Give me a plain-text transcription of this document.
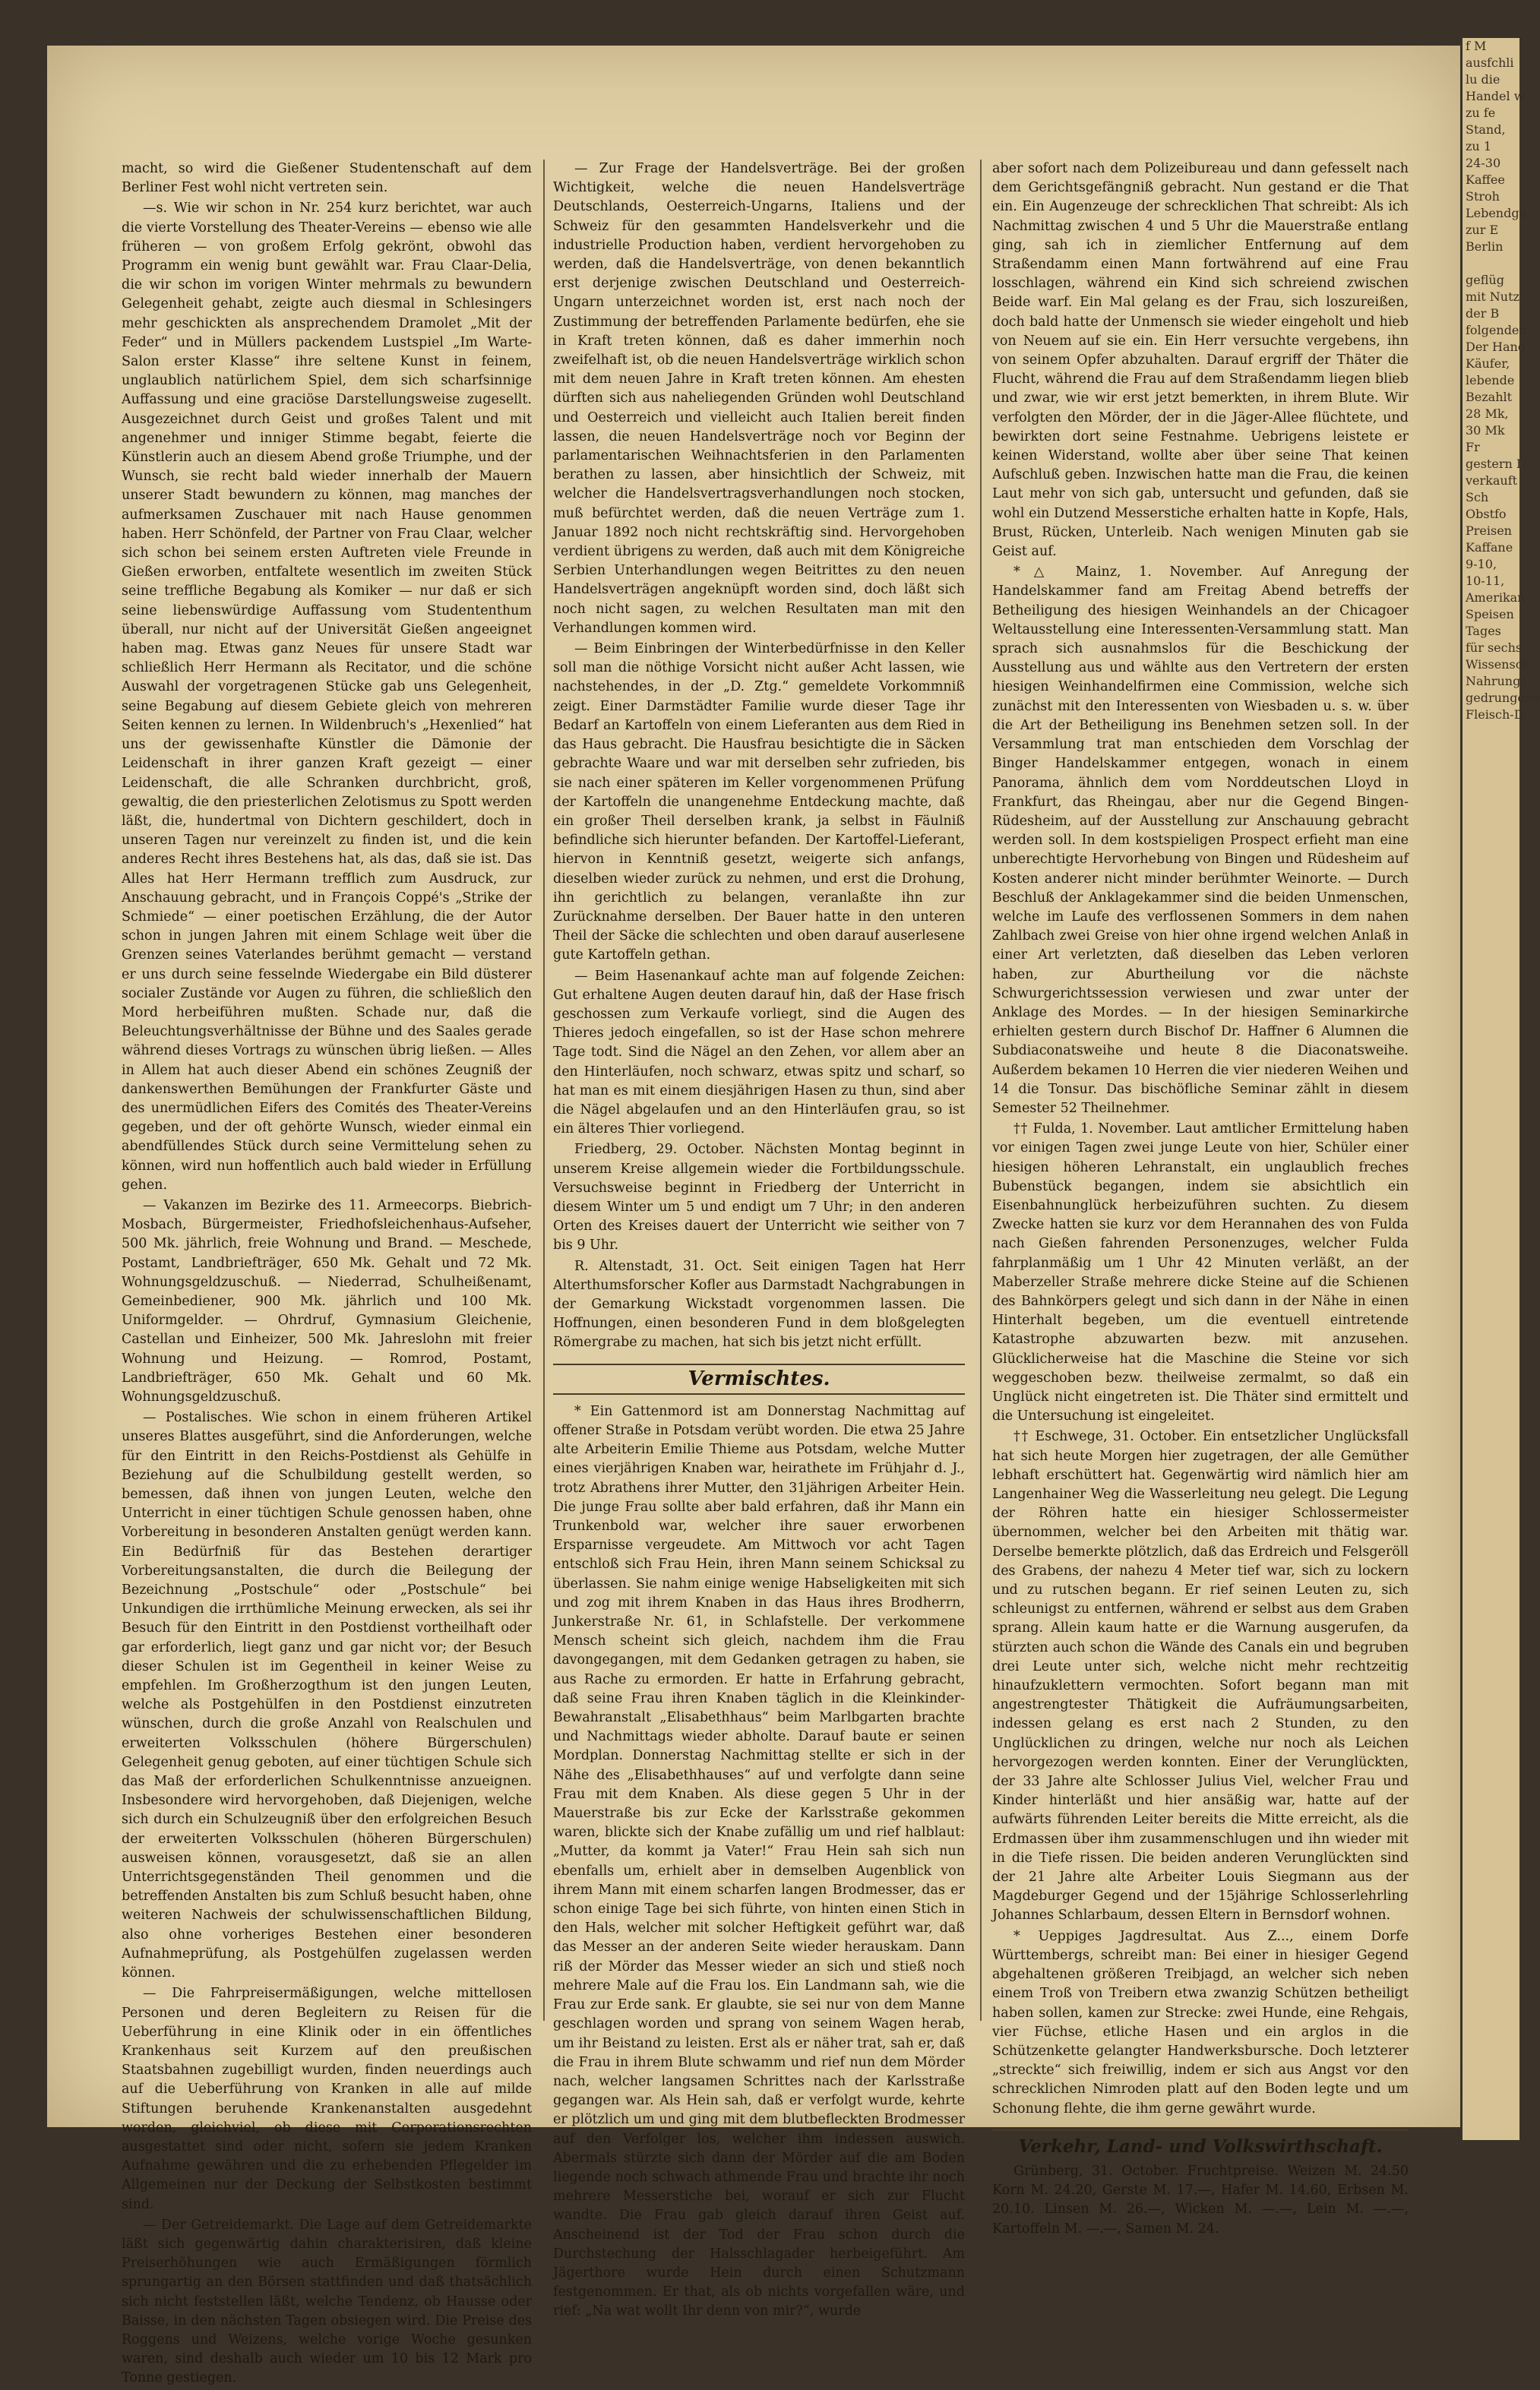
f M
ausfchli
lu die
Handel w
zu fe
Stand,
zu 1
24-30
Kaffee
Stroh
Lebendge
zur E
Berlin

geflüg
mit Nutz
der B
folgenden
Der Hand
Käufer,
lebende
Bezahlt
28 Mk,
30 Mk
Fr
gestern L
verkauft
Sch
Obstfo
Preisen
Kaffane
9-10,
10-11,
Amerikan
Speisen
Tages
für sechs
Wissensch
Nahrungs
gedrungene
Fleisch-D

macht, so wird die Gießener Studentenschaft auf dem Berliner Fest wohl nicht vertreten sein.

—s. Wie wir schon in Nr. 254 kurz berichtet, war auch die vierte Vorstellung des Theater-Vereins — ebenso wie alle früheren — von großem Erfolg gekrönt, obwohl das Programm ein wenig bunt gewählt war. Frau Claar-Delia, die wir schon im vorigen Winter mehrmals zu bewundern Gelegenheit gehabt, zeigte auch diesmal in Schlesingers mehr geschickten als ansprechendem Dramolet „Mit der Feder“ und in Müllers packendem Lustspiel „Im Warte-Salon erster Klasse“ ihre seltene Kunst in feinem, unglaublich natürlichem Spiel, dem sich scharfsinnige Auffassung und eine graciöse Darstellungsweise zugesellt. Ausgezeichnet durch Geist und großes Talent und mit angenehmer und inniger Stimme begabt, feierte die Künstlerin auch an diesem Abend große Triumphe, und der Wunsch, sie recht bald wieder innerhalb der Mauern unserer Stadt bewundern zu können, mag manches der aufmerksamen Zuschauer mit nach Hause genommen haben. Herr Schönfeld, der Partner von Frau Claar, welcher sich schon bei seinem ersten Auftreten viele Freunde in Gießen erworben, entfaltete wesentlich im zweiten Stück seine treffliche Begabung als Komiker — nur daß er sich seine liebenswürdige Auffassung vom Studententhum überall, nur nicht auf der Universität Gießen angeeignet haben mag. Etwas ganz Neues für unsere Stadt war schließlich Herr Hermann als Recitator, und die schöne Auswahl der vorgetragenen Stücke gab uns Gelegenheit, seine Begabung auf diesem Gebiete gleich von mehreren Seiten kennen zu lernen. In Wildenbruch's „Hexenlied“ hat uns der gewissenhafte Künstler die Dämonie der Leidenschaft in ihrer ganzen Kraft gezeigt — einer Leidenschaft, die alle Schranken durchbricht, groß, gewaltig, die den priesterlichen Zelotismus zu Spott werden läßt, die, hundertmal von Dichtern geschildert, doch in unseren Tagen nur vereinzelt zu finden ist, und die kein anderes Recht ihres Bestehens hat, als das, daß sie ist. Das Alles hat Herr Hermann trefflich zum Ausdruck, zur Anschauung gebracht, und in François Coppé's „Strike der Schmiede“ — einer poetischen Erzählung, die der Autor schon in jungen Jahren mit einem Schlage weit über die Grenzen seines Vaterlandes berühmt gemacht — verstand er uns durch seine fesselnde Wiedergabe ein Bild düsterer socialer Zustände vor Augen zu führen, die schließlich den Mord herbeiführen mußten. Schade nur, daß die Beleuchtungsverhältnisse der Bühne und des Saales gerade während dieses Vortrags zu wünschen übrig ließen. — Alles in Allem hat auch dieser Abend ein schönes Zeugniß der dankenswerthen Bemühungen der Frankfurter Gäste und des unermüdlichen Eifers des Comités des Theater-Vereins gegeben, und der oft gehörte Wunsch, wieder einmal ein abendfüllendes Stück durch seine Vermittelung sehen zu können, wird nun hoffentlich auch bald wieder in Erfüllung gehen.

— Vakanzen im Bezirke des 11. Armeecorps. Biebrich-Mosbach, Bürgermeister, Friedhofsleichenhaus-Aufseher, 500 Mk. jährlich, freie Wohnung und Brand. — Meschede, Postamt, Landbriefträger, 650 Mk. Gehalt und 72 Mk. Wohnungsgeldzuschuß. — Niederrad, Schulheißenamt, Gemeinbediener, 900 Mk. jährlich und 100 Mk. Uniformgelder. — Ohrdruf, Gymnasium Gleichenie, Castellan und Einheizer, 500 Mk. Jahreslohn mit freier Wohnung und Heizung. — Romrod, Postamt, Landbriefträger, 650 Mk. Gehalt und 60 Mk. Wohnungsgeldzuschuß.

— Postalisches. Wie schon in einem früheren Artikel unseres Blattes ausgeführt, sind die Anforderungen, welche für den Eintritt in den Reichs-Postdienst als Gehülfe in Beziehung auf die Schulbildung gestellt werden, so bemessen, daß ihnen von jungen Leuten, welche den Unterricht in einer tüchtigen Schule genossen haben, ohne Vorbereitung in besonderen Anstalten genügt werden kann. Ein Bedürfniß für das Bestehen derartiger Vorbereitungsanstalten, die durch die Beilegung der Bezeichnung „Postschule“ oder „Postschule“ bei Unkundigen die irrthümliche Meinung erwecken, als sei ihr Besuch für den Eintritt in den Postdienst vortheilhaft oder gar erforderlich, liegt ganz und gar nicht vor; der Besuch dieser Schulen ist im Gegentheil in keiner Weise zu empfehlen. Im Großherzogthum ist den jungen Leuten, welche als Postgehülfen in den Postdienst einzutreten wünschen, durch die große Anzahl von Realschulen und erweiterten Volksschulen (höhere Bürgerschulen) Gelegenheit genug geboten, auf einer tüchtigen Schule sich das Maß der erforderlichen Schulkenntnisse anzueignen. Insbesondere wird hervorgehoben, daß Diejenigen, welche sich durch ein Schulzeugniß über den erfolgreichen Besuch der erweiterten Volksschulen (höheren Bürgerschulen) ausweisen können, vorausgesetzt, daß sie an allen Unterrichtsgegenständen Theil genommen und die betreffenden Anstalten bis zum Schluß besucht haben, ohne weiteren Nachweis der schulwissenschaftlichen Bildung, also ohne vorheriges Bestehen einer besonderen Aufnahmeprüfung, als Postgehülfen zugelassen werden können.

— Die Fahrpreisermäßigungen, welche mittellosen Personen und deren Begleitern zu Reisen für die Ueberführung in eine Klinik oder in ein öffentliches Krankenhaus seit Kurzem auf den preußischen Staatsbahnen zugebilligt wurden, finden neuerdings auch auf die Ueberführung von Kranken in alle auf milde Stiftungen beruhende Krankenanstalten ausgedehnt worden, gleichviel, ob diese mit Corporationsrechten ausgestattet sind oder nicht, sofern sie jedem Kranken Aufnahme gewähren und die zu erhebenden Pflegelder im Allgemeinen nur der Deckung der Selbstkosten bestimmt sind.

— Der Getreidemarkt. Die Lage auf dem Getreidemarkte läßt sich gegenwärtig dahin charakterisiren, daß kleine Preiserhöhungen wie auch Ermäßigungen förmlich sprungartig an den Börsen stattfinden und daß thatsächlich sich nicht feststellen läßt, welche Tendenz, ob Hausse oder Baisse, in den nächsten Tagen obsiegen wird. Die Preise des Roggens und Weizens, welche vorige Woche gesunken waren, sind deshalb auch wieder um 10 bis 12 Mark pro Tonne gestiegen.

— Zur Frage der Handelsverträge. Bei der großen Wichtigkeit, welche die neuen Handelsverträge Deutschlands, Oesterreich-Ungarns, Italiens und der Schweiz für den gesammten Handelsverkehr und die industrielle Production haben, verdient hervorgehoben zu werden, daß die Handelsverträge, von denen bekanntlich erst derjenige zwischen Deutschland und Oesterreich-Ungarn unterzeichnet worden ist, erst nach noch der Zustimmung der betreffenden Parlamente bedürfen, ehe sie in Kraft treten können, daß es daher immerhin noch zweifelhaft ist, ob die neuen Handelsverträge wirklich schon mit dem neuen Jahre in Kraft treten können. Am ehesten dürften sich aus naheliegenden Gründen wohl Deutschland und Oesterreich und vielleicht auch Italien bereit finden lassen, die neuen Handelsverträge noch vor Beginn der parlamentarischen Weihnachtsferien in den Parlamenten berathen zu lassen, aber hinsichtlich der Schweiz, mit welcher die Handelsvertragsverhandlungen noch stocken, muß befürchtet werden, daß die neuen Verträge zum 1. Januar 1892 noch nicht rechtskräftig sind. Hervorgehoben verdient übrigens zu werden, daß auch mit dem Königreiche Serbien Unterhandlungen wegen Beitrittes zu den neuen Handelsverträgen angeknüpft worden sind, doch läßt sich noch nicht sagen, zu welchen Resultaten man mit den Verhandlungen kommen wird.

— Beim Einbringen der Winterbedürfnisse in den Keller soll man die nöthige Vorsicht nicht außer Acht lassen, wie nachstehendes, in der „D. Ztg.“ gemeldete Vorkommniß zeigt. Einer Darmstädter Familie wurde dieser Tage ihr Bedarf an Kartoffeln von einem Lieferanten aus dem Ried in das Haus gebracht. Die Hausfrau besichtigte die in Säcken gebrachte Waare und war mit derselben sehr zufrieden, bis sie nach einer späteren im Keller vorgenommenen Prüfung der Kartoffeln die unangenehme Entdeckung machte, daß ein großer Theil derselben krank, ja selbst in Fäulniß befindliche sich hierunter befanden. Der Kartoffel-Lieferant, hiervon in Kenntniß gesetzt, weigerte sich anfangs, dieselben wieder zurück zu nehmen, und erst die Drohung, ihn gerichtlich zu belangen, veranlaßte ihn zur Zurücknahme derselben. Der Bauer hatte in den unteren Theil der Säcke die schlechten und oben darauf auserlesene gute Kartoffeln gethan.

— Beim Hasenankauf achte man auf folgende Zeichen: Gut erhaltene Augen deuten darauf hin, daß der Hase frisch geschossen zum Verkaufe vorliegt, sind die Augen des Thieres jedoch eingefallen, so ist der Hase schon mehrere Tage todt. Sind die Nägel an den Zehen, vor allem aber an den Hinterläufen, noch schwarz, etwas spitz und scharf, so hat man es mit einem diesjährigen Hasen zu thun, sind aber die Nägel abgelaufen und an den Hinterläufen grau, so ist ein älteres Thier vorliegend.

Friedberg, 29. October. Nächsten Montag beginnt in unserem Kreise allgemein wieder die Fortbildungsschule. Versuchsweise beginnt in Friedberg der Unterricht in diesem Winter um 5 und endigt um 7 Uhr; in den anderen Orten des Kreises dauert der Unterricht wie seither von 7 bis 9 Uhr.

R. Altenstadt, 31. Oct. Seit einigen Tagen hat Herr Alterthumsforscher Kofler aus Darmstadt Nachgrabungen in der Gemarkung Wickstadt vorgenommen lassen. Die Hoffnungen, einen besonderen Fund in dem bloßgelegten Römergrabe zu machen, hat sich bis jetzt nicht erfüllt.

Vermischtes.

* Ein Gattenmord ist am Donnerstag Nachmittag auf offener Straße in Potsdam verübt worden. Die etwa 25 Jahre alte Arbeiterin Emilie Thieme aus Potsdam, welche Mutter eines vierjährigen Knaben war, heirathete im Frühjahr d. J., trotz Abrathens ihrer Mutter, den 31jährigen Arbeiter Hein. Die junge Frau sollte aber bald erfahren, daß ihr Mann ein Trunkenbold war, welcher ihre sauer erworbenen Ersparnisse vergeudete. Am Mittwoch vor acht Tagen entschloß sich Frau Hein, ihren Mann seinem Schicksal zu überlassen. Sie nahm einige wenige Habseligkeiten mit sich und zog mit ihrem Knaben in das Haus ihres Brodherrn, Junkerstraße Nr. 61, in Schlafstelle. Der verkommene Mensch scheint sich gleich, nachdem ihm die Frau davongegangen, mit dem Gedanken getragen zu haben, sie aus Rache zu ermorden. Er hatte in Erfahrung gebracht, daß seine Frau ihren Knaben täglich in die Kleinkinder-Bewahranstalt „Elisabethhaus“ beim Marlbgarten brachte und Nachmittags wieder abholte. Darauf baute er seinen Mordplan. Donnerstag Nachmittag stellte er sich in der Nähe des „Elisabethhauses“ auf und verfolgte dann seine Frau mit dem Knaben. Als diese gegen 5 Uhr in der Mauerstraße bis zur Ecke der Karlsstraße gekommen waren, blickte sich der Knabe zufällig um und rief halblaut: „Mutter, da kommt ja Vater!“ Frau Hein sah sich nun ebenfalls um, erhielt aber in demselben Augenblick von ihrem Mann mit einem scharfen langen Brodmesser, das er schon einige Tage bei sich führte, von hinten einen Stich in den Hals, welcher mit solcher Heftigkeit geführt war, daß das Messer an der anderen Seite wieder herauskam. Dann riß der Mörder das Messer wieder an sich und stieß noch mehrere Male auf die Frau los. Ein Landmann sah, wie die Frau zur Erde sank. Er glaubte, sie sei nur von dem Manne geschlagen worden und sprang von seinem Wagen herab, um ihr Beistand zu leisten. Erst als er näher trat, sah er, daß die Frau in ihrem Blute schwamm und rief nun dem Mörder nach, welcher langsamen Schrittes nach der Karlsstraße gegangen war. Als Hein sah, daß er verfolgt wurde, kehrte er plötzlich um und ging mit dem blutbefleckten Brodmesser auf den Verfolger los, welcher ihm indessen auswich. Abermals stürzte sich dann der Mörder auf die am Boden liegende noch schwach athmende Frau und brachte ihr noch mehrere Messerstiche bei, worauf er sich zur Flucht wandte. Die Frau gab gleich darauf ihren Geist auf. Anscheinend ist der Tod der Frau schon durch die Durchstechung der Halsschlagader herbeigeführt. Am Jägerthore wurde Hein durch einen Schutzmann festgenommen. Er that, als ob nichts vorgefallen wäre, und rief: „Na wat wollt Ihr denn von mir?“, wurde

aber sofort nach dem Polizeibureau und dann gefesselt nach dem Gerichtsgefängniß gebracht. Nun gestand er die That ein. Ein Augenzeuge der schrecklichen That schreibt: Als ich Nachmittag zwischen 4 und 5 Uhr die Mauerstraße entlang ging, sah ich in ziemlicher Entfernung auf dem Straßendamm einen Mann fortwährend auf eine Frau losschlagen, während ein Kind sich schreiend zwischen Beide warf. Ein Mal gelang es der Frau, sich loszureißen, doch bald hatte der Unmensch sie wieder eingeholt und hieb von Neuem auf sie ein. Ein Herr versuchte vergebens, ihn von seinem Opfer abzuhalten. Darauf ergriff der Thäter die Flucht, während die Frau auf dem Straßendamm liegen blieb und zwar, wie wir erst jetzt bemerkten, in ihrem Blute. Wir verfolgten den Mörder, der in die Jäger-Allee flüchtete, und bewirkten dort seine Festnahme. Uebrigens leistete er keinen Widerstand, wollte aber über seine That keinen Aufschluß geben. Inzwischen hatte man die Frau, die keinen Laut mehr von sich gab, untersucht und gefunden, daß sie wohl ein Dutzend Messerstiche erhalten hatte in Kopfe, Hals, Brust, Rücken, Unterleib. Nach wenigen Minuten gab sie Geist auf.

*△ Mainz, 1. November. Auf Anregung der Handelskammer fand am Freitag Abend betreffs der Betheiligung des hiesigen Weinhandels an der Chicagoer Weltausstellung eine Interessenten-Versammlung statt. Man sprach sich ausnahmslos für die Beschickung der Ausstellung aus und wählte aus den Vertretern der ersten hiesigen Weinhandelfirmen eine Commission, welche sich zunächst mit den Interessenten von Wiesbaden u. s. w. über die Art der Betheiligung ins Benehmen setzen soll. In der Versammlung trat man entschieden dem Vorschlag der Binger Handelskammer entgegen, wonach in einem Panorama, ähnlich dem vom Norddeutschen Lloyd in Frankfurt, das Rheingau, aber nur die Gegend Bingen-Rüdesheim, auf der Ausstellung zur Anschauung gebracht werden soll. In dem kostspieligen Prospect erfieht man eine unberechtigte Hervorhebung von Bingen und Rüdesheim auf Kosten anderer nicht minder berühmter Weinorte. — Durch Beschluß der Anklagekammer sind die beiden Unmenschen, welche im Laufe des verflossenen Sommers in dem nahen Zahlbach zwei Greise von hier ohne irgend welchen Anlaß in einer Art verletzten, daß dieselben das Leben verloren haben, zur Aburtheilung vor die nächste Schwurgerichtssession verwiesen und zwar unter der Anklage des Mordes. — In der hiesigen Seminarkirche erhielten gestern durch Bischof Dr. Haffner 6 Alumnen die Subdiaconatsweihe und heute 8 die Diaconatsweihe. Außerdem bekamen 10 Herren die vier niederen Weihen und 14 die Tonsur. Das bischöfliche Seminar zählt in diesem Semester 52 Theilnehmer.

†† Fulda, 1. November. Laut amtlicher Ermittelung haben vor einigen Tagen zwei junge Leute von hier, Schüler einer hiesigen höheren Lehranstalt, ein unglaublich freches Bubenstück begangen, indem sie absichtlich ein Eisenbahnunglück herbeizuführen suchten. Zu diesem Zwecke hatten sie kurz vor dem Herannahen des von Fulda nach Gießen fahrenden Personenzuges, welcher Fulda fahrplanmäßig um 1 Uhr 42 Minuten verläßt, an der Maberzeller Straße mehrere dicke Steine auf die Schienen des Bahnkörpers gelegt und sich dann in der Nähe in einen Hinterhalt begeben, um die eventuell eintretende Katastrophe abzuwarten bezw. mit anzusehen. Glücklicherweise hat die Maschine die Steine vor sich weggeschoben bezw. theilweise zermalmt, so daß ein Unglück nicht eingetreten ist. Die Thäter sind ermittelt und die Untersuchung ist eingeleitet.

†† Eschwege, 31. October. Ein entsetzlicher Unglücksfall hat sich heute Morgen hier zugetragen, der alle Gemüther lebhaft erschüttert hat. Gegenwärtig wird nämlich hier am Langenhainer Weg die Wasserleitung neu gelegt. Die Legung der Röhren hatte ein hiesiger Schlossermeister übernommen, welcher bei den Arbeiten mit thätig war. Derselbe bemerkte plötzlich, daß das Erdreich und Felsgeröll des Grabens, der nahezu 4 Meter tief war, sich zu lockern und zu rutschen begann. Er rief seinen Leuten zu, sich schleunigst zu entfernen, während er selbst aus dem Graben sprang. Allein kaum hatte er die Warnung ausgerufen, da stürzten auch schon die Wände des Canals ein und begruben drei Leute unter sich, welche nicht mehr rechtzeitig hinaufzuklettern vermochten. Sofort begann man mit angestrengtester Thätigkeit die Aufräumungsarbeiten, indessen gelang es erst nach 2 Stunden, zu den Unglücklichen zu dringen, welche nur noch als Leichen hervorgezogen werden konnten. Einer der Verunglückten, der 33 Jahre alte Schlosser Julius Viel, welcher Frau und Kinder hinterläßt und hier ansäßig war, hatte auf der aufwärts führenden Leiter bereits die Mitte erreicht, als die Erdmassen über ihm zusammenschlugen und ihn wieder mit in die Tiefe rissen. Die beiden anderen Verunglückten sind der 21 Jahre alte Arbeiter Louis Siegmann aus der Magdeburger Gegend und der 15jährige Schlosserlehrling Johannes Schlarbaum, dessen Eltern in Bernsdorf wohnen.

* Ueppiges Jagdresultat. Aus Z..., einem Dorfe Württembergs, schreibt man: Bei einer in hiesiger Gegend abgehaltenen größeren Treibjagd, an welcher sich neben einem Troß von Treibern etwa zwanzig Schützen betheiligt haben sollen, kamen zur Strecke: zwei Hunde, eine Rehgais, vier Füchse, etliche Hasen und ein arglos in die Schützenkette gelangter Handwerksbursche. Doch letzterer „streckte“ sich freiwillig, indem er sich aus Angst vor den schrecklichen Nimroden platt auf den Boden legte und um Schonung flehte, die ihm gerne gewährt wurde.

Verkehr, Land- und Volkswirthschaft.

Grünberg, 31. October. Fruchtpreise. Weizen M. 24.50 Korn M. 24.20, Gerste M. 17.—, Hafer M. 14.60, Erbsen M. 20.10. Linsen M. 26.—, Wicken M. —.—, Lein M. —.—, Kartoffeln M. —.—, Samen M. 24.
